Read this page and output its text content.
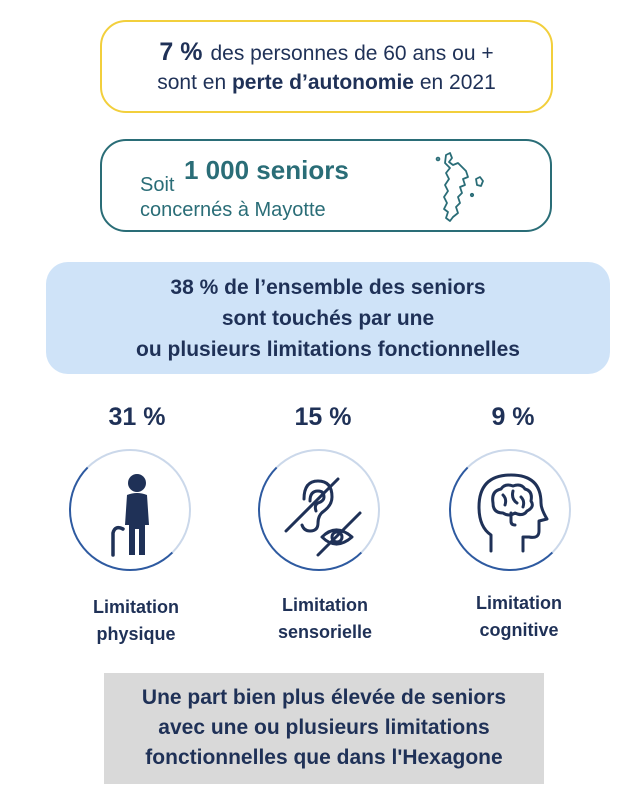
7 % des personnes de 60 ans ou +
sont en perte d’autonomie en 2021
Soit 1 000 seniors
concernés à Mayotte
38 % de l’ensemble des seniors
sont touchés par une
ou plusieurs limitations fonctionnelles
31 %	15 %	9 %
Limitation
physique
Limitation
sensorielle
Limitation
cognitive
Une part bien plus élevée de seniors
avec une ou plusieurs limitations
fonctionnelles que dans l'Hexagone
